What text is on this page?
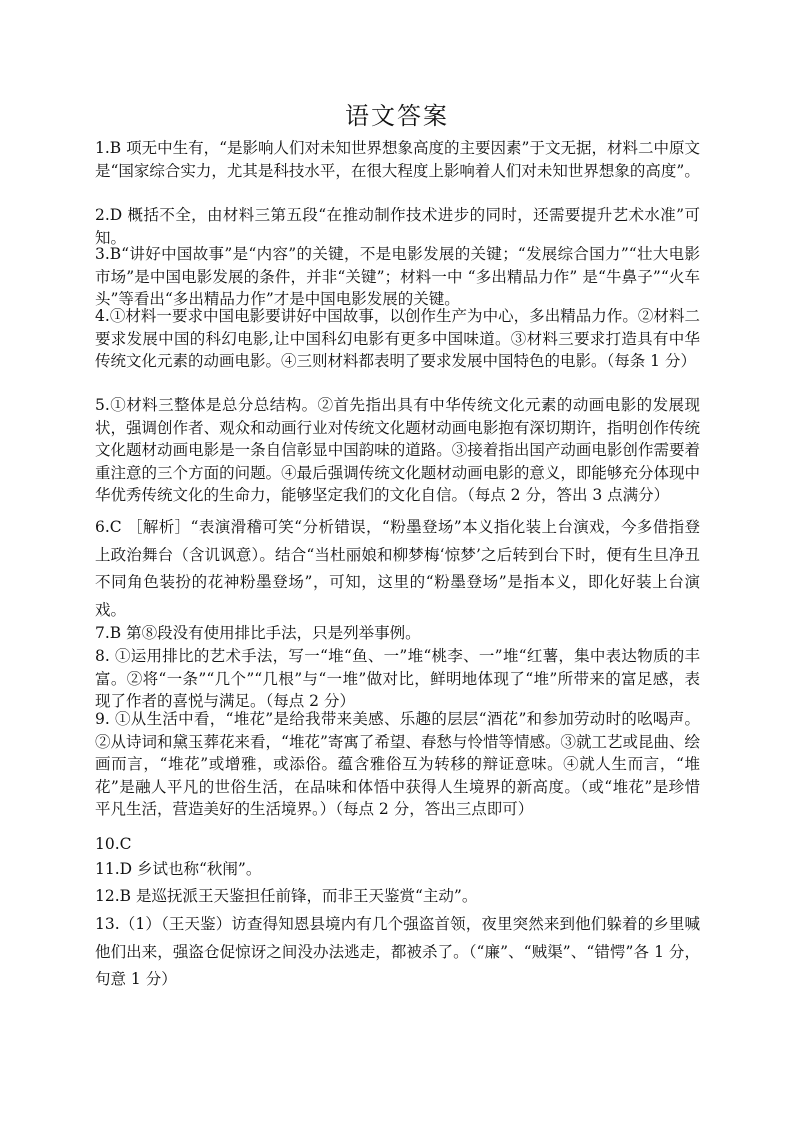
语文答案

1.B 项无中生有，“是影响人们对未知世界想象高度的主要因素”于文无据，材料二中原文是“国家综合实力，尤其是科技水平，在很大程度上影响着人们对未知世界想象的高度”。

2.D 概括不全，由材料三第五段“在推动制作技术进步的同时，还需要提升艺术水准”可知。

3.B“讲好中国故事”是“内容”的关键，不是电影发展的关键；“发展综合国力”“壮大电影市场”是中国电影发展的条件，并非“关键”；材料一中 “多出精品力作” 是“牛鼻子”“火车头”等看出“多出精品力作”才是中国电影发展的关键。

4.①材料一要求中国电影要讲好中国故事，以创作生产为中心，多出精品力作。②材料二要求发展中国的科幻电影,让中国科幻电影有更多中国味道。③材料三要求打造具有中华传统文化元素的动画电影。④三则材料都表明了要求发展中国特色的电影。（每条 1 分）

5.①材料三整体是总分总结构。②首先指出具有中华传统文化元素的动画电影的发展现状，强调创作者、观众和动画行业对传统文化题材动画电影抱有深切期许，指明创作传统文化题材动画电影是一条自信彰显中国韵味的道路。③接着指出国产动画电影创作需要着重注意的三个方面的问题。④最后强调传统文化题材动画电影的意义，即能够充分体现中华优秀传统文化的生命力，能够坚定我们的文化自信。（每点 2 分，答出 3 点满分）

6.C ［解析］“表演滑稽可笑“分析错误，“粉墨登场”本义指化装上台演戏，今多借指登上政治舞台（含讥讽意）。结合“当杜丽娘和柳梦梅‘惊梦’之后转到台下时，便有生旦净丑不同角色装扮的花神粉墨登场”，可知，这里的“粉墨登场”是指本义，即化好装上台演戏。

7.B 第⑧段没有使用排比手法，只是列举事例。

8. ①运用排比的艺术手法，写一“堆“鱼、一”堆“桃李、一”堆“红薯，集中表达物质的丰富。②将“一条”“几个”“几根”与“一堆”做对比，鲜明地体现了“堆”所带来的富足感，表现了作者的喜悦与满足。（每点 2 分）

9. ①从生活中看，“堆花”是给我带来美感、乐趣的层层“酒花”和参加劳动时的吆喝声。②从诗词和黛玉葬花来看，“堆花”寄寓了希望、春愁与怜惜等情感。③就工艺或昆曲、绘画而言，“堆花”或增雅，或添俗。蕴含雅俗互为转移的辩证意味。④就人生而言，“堆花”是融人平凡的世俗生活，在品味和体悟中获得人生境界的新高度。（或“堆花”是珍惜平凡生活，营造美好的生活境界。）（每点 2 分，答出三点即可）

10.C

11.D 乡试也称“秋闱”。

12.B 是巡抚派王天鉴担任前锋，而非王天鉴赏“主动”。

13.（1）（王天鉴）访查得知恩县境内有几个强盗首领，夜里突然来到他们躲着的乡里喊他们出来，强盗仓促惊讶之间没办法逃走，都被杀了。（“廉”、“贼渠”、“错愕”各 1 分，句意 1 分）
